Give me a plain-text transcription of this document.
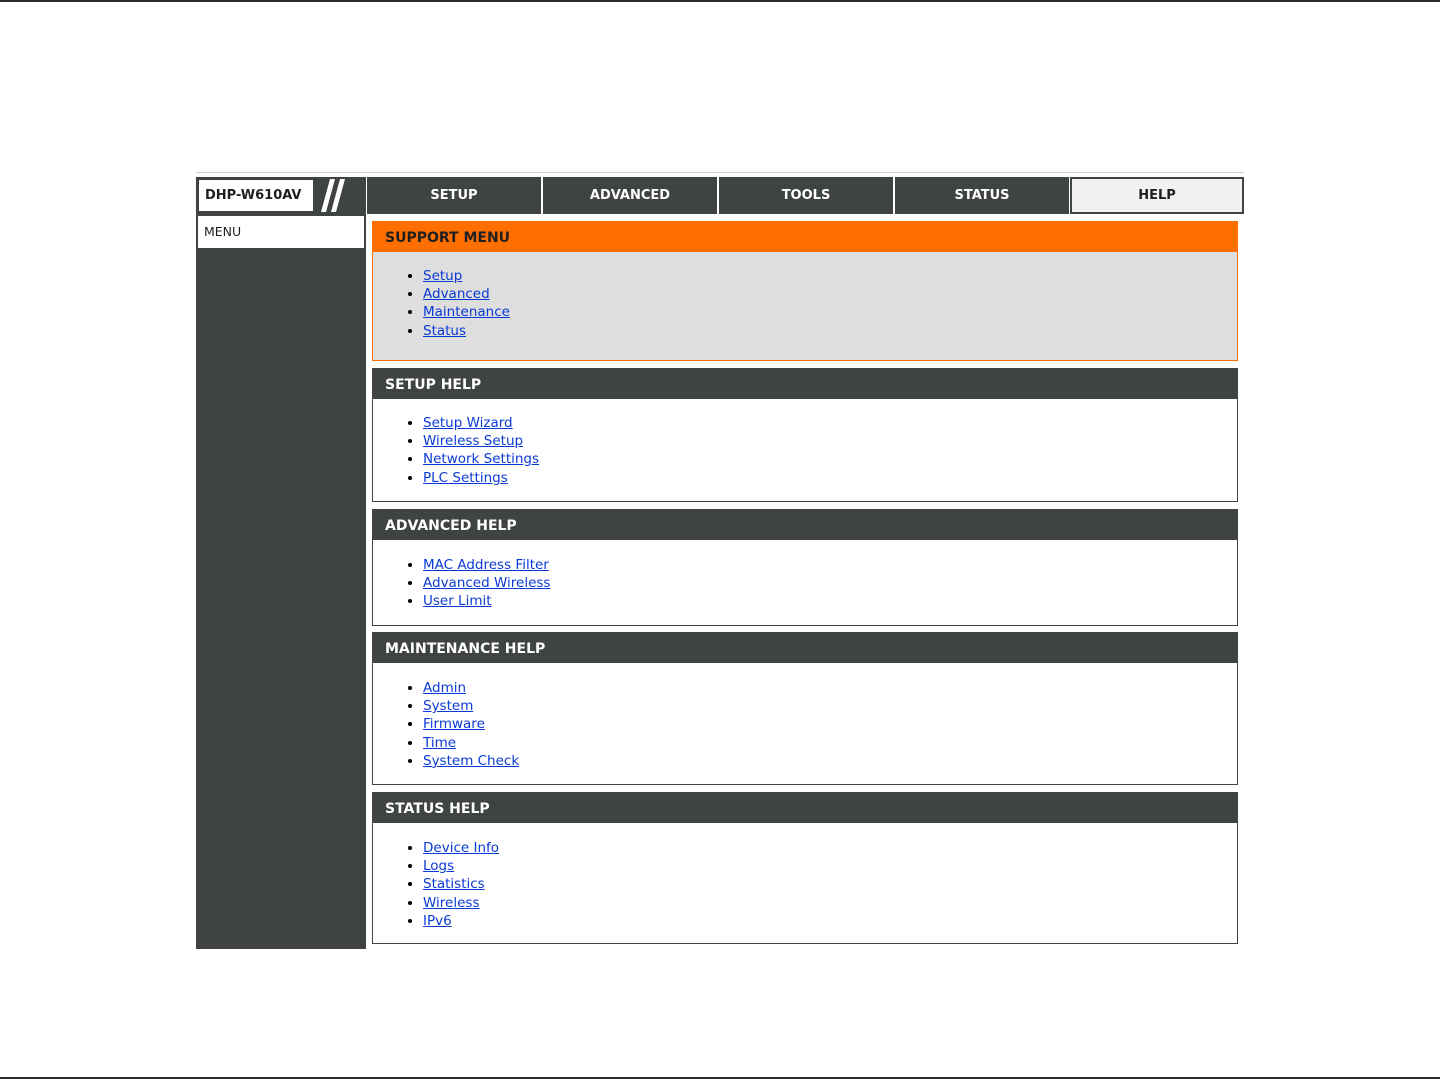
DHP-W610AV	SETUP	ADVANCED	TOOLS	STATUS	HELP
MENU	SUPPORT MENU
• Setup
• Advanced
• Maintenance
• Status
SETUP HELP
• Setup Wizard
• Wireless Setup
• Network Settings
• PLC Settings
ADVANCED HELP
• MAC Address Filter
• Advanced Wireless
• User Limit
MAINTENANCE HELP
• Admin
• System
• Firmware
• Time
• System Check
STATUS HELP
• Device Info
• Logs
• Statistics
• Wireless
• IPv6
